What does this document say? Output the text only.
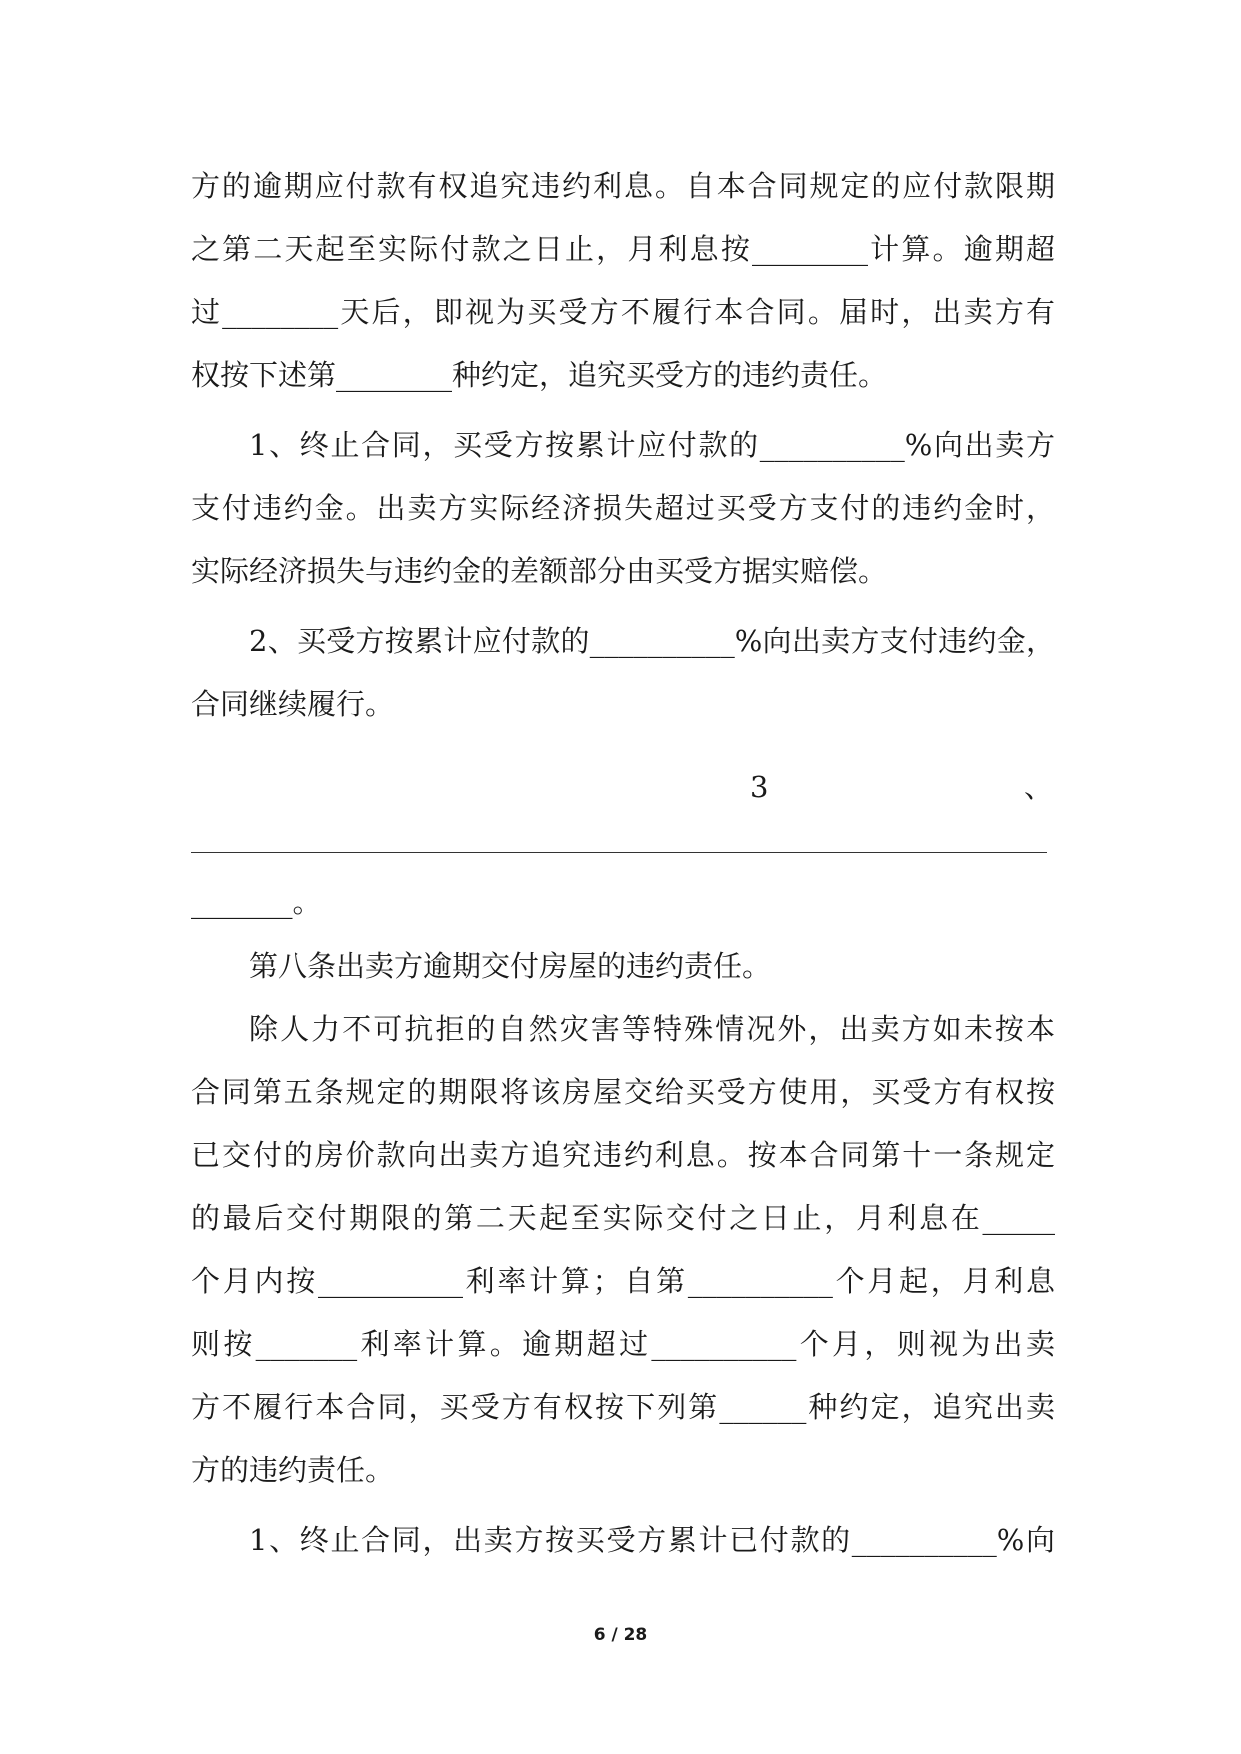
方的逾期应付款有权追究违约利息。自本合同规定的应付款限期
之第二天起至实际付款之日止，月利息按________计算。逾期超
过________天后，即视为买受方不履行本合同。届时，出卖方有
权按下述第________种约定，追究买受方的违约责任。
1、终止合同，买受方按累计应付款的__________%向出卖方
支付违约金。出卖方实际经济损失超过买受方支付的违约金时，
实际经济损失与违约金的差额部分由买受方据实赔偿。
2、买受方按累计应付款的__________%向出卖方支付违约金，
合同继续履行。
3	、
_______。
第八条出卖方逾期交付房屋的违约责任。
除人力不可抗拒的自然灾害等特殊情况外，出卖方如未按本
合同第五条规定的期限将该房屋交给买受方使用，买受方有权按
已交付的房价款向出卖方追究违约利息。按本合同第十一条规定
的最后交付期限的第二天起至实际交付之日止，月利息在_____
个月内按__________利率计算；自第__________个月起，月利息
则按_______利率计算。逾期超过__________个月，则视为出卖
方不履行本合同，买受方有权按下列第______种约定，追究出卖
方的违约责任。
1、终止合同，出卖方按买受方累计已付款的__________%向
6 / 28
